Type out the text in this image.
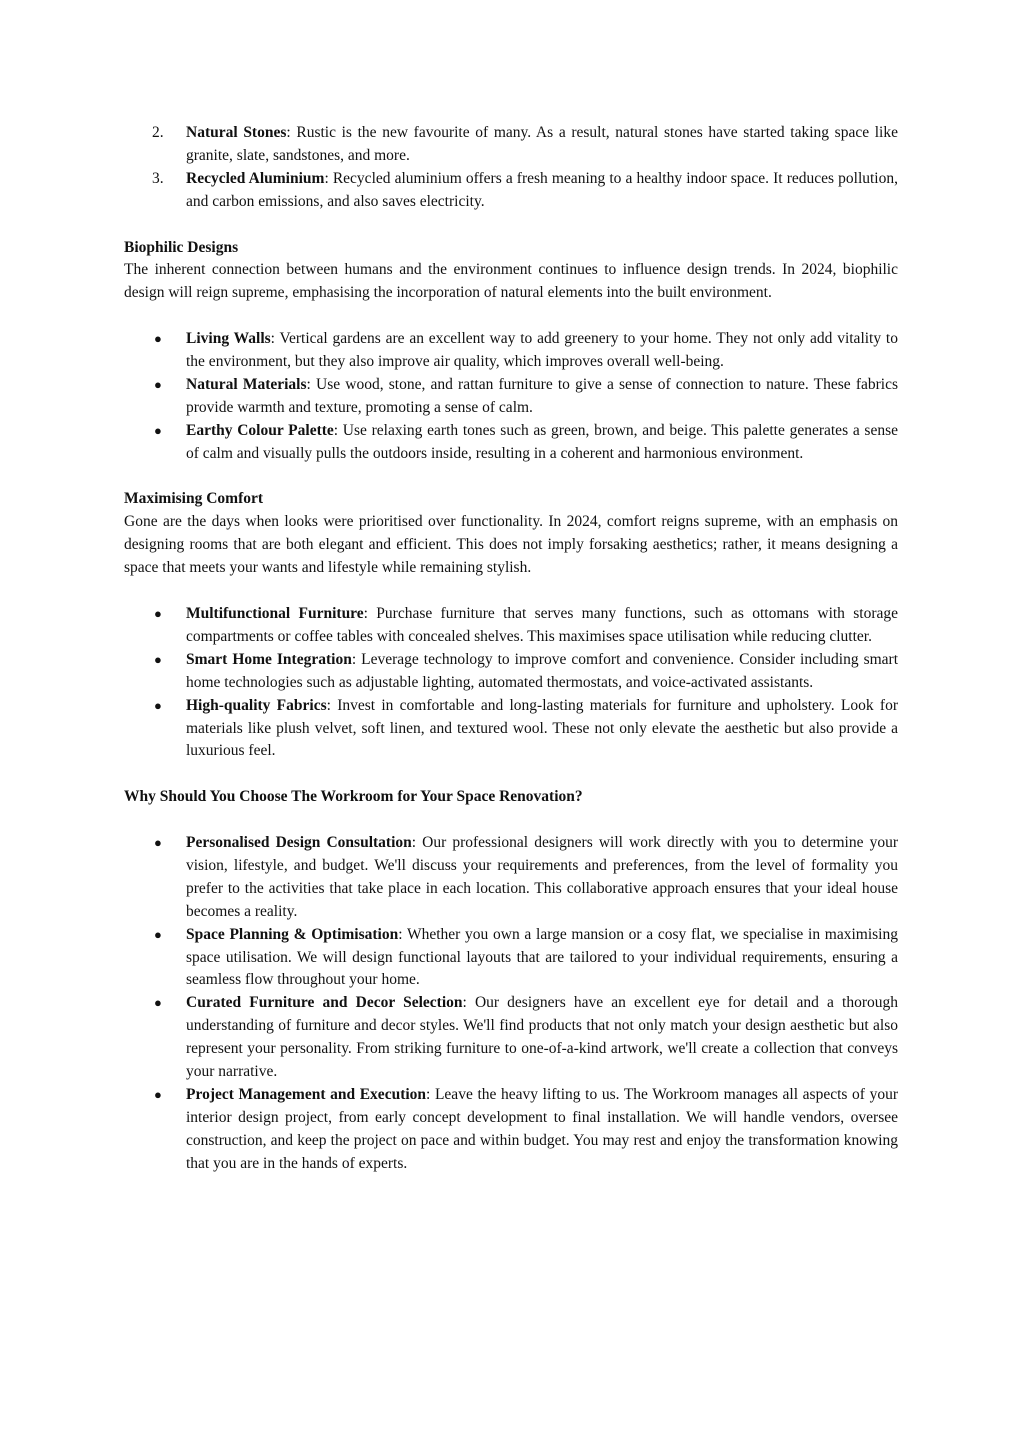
2.	Natural Stones: Rustic is the new favourite of many. As a result, natural stones have started taking space like granite, slate, sandstones, and more.
3.	Recycled Aluminium: Recycled aluminium offers a fresh meaning to a healthy indoor space. It reduces pollution, and carbon emissions, and also saves electricity.

Biophilic Designs

The inherent connection between humans and the environment continues to influence design trends. In 2024, biophilic design will reign supreme, emphasising the incorporation of natural elements into the built environment.

●	Living Walls: Vertical gardens are an excellent way to add greenery to your home. They not only add vitality to the environment, but they also improve air quality, which improves overall well-being.
●	Natural Materials: Use wood, stone, and rattan furniture to give a sense of connection to nature. These fabrics provide warmth and texture, promoting a sense of calm.
●	Earthy Colour Palette: Use relaxing earth tones such as green, brown, and beige. This palette generates a sense of calm and visually pulls the outdoors inside, resulting in a coherent and harmonious environment.

Maximising Comfort

Gone are the days when looks were prioritised over functionality. In 2024, comfort reigns supreme, with an emphasis on designing rooms that are both elegant and efficient. This does not imply forsaking aesthetics; rather, it means designing a space that meets your wants and lifestyle while remaining stylish.

●	Multifunctional Furniture: Purchase furniture that serves many functions, such as ottomans with storage compartments or coffee tables with concealed shelves. This maximises space utilisation while reducing clutter.
●	Smart Home Integration: Leverage technology to improve comfort and convenience. Consider including smart home technologies such as adjustable lighting, automated thermostats, and voice-activated assistants.
●	High-quality Fabrics: Invest in comfortable and long-lasting materials for furniture and upholstery. Look for materials like plush velvet, soft linen, and textured wool. These not only elevate the aesthetic but also provide a luxurious feel.

Why Should You Choose The Workroom for Your Space Renovation?

●	Personalised Design Consultation: Our professional designers will work directly with you to determine your vision, lifestyle, and budget. We'll discuss your requirements and preferences, from the level of formality you prefer to the activities that take place in each location. This collaborative approach ensures that your ideal house becomes a reality.
●	Space Planning & Optimisation: Whether you own a large mansion or a cosy flat, we specialise in maximising space utilisation. We will design functional layouts that are tailored to your individual requirements, ensuring a seamless flow throughout your home.
●	Curated Furniture and Decor Selection: Our designers have an excellent eye for detail and a thorough understanding of furniture and decor styles. We'll find products that not only match your design aesthetic but also represent your personality. From striking furniture to one-of-a-kind artwork, we'll create a collection that conveys your narrative.
●	Project Management and Execution: Leave the heavy lifting to us. The Workroom manages all aspects of your interior design project, from early concept development to final installation. We will handle vendors, oversee construction, and keep the project on pace and within budget. You may rest and enjoy the transformation knowing that you are in the hands of experts.
